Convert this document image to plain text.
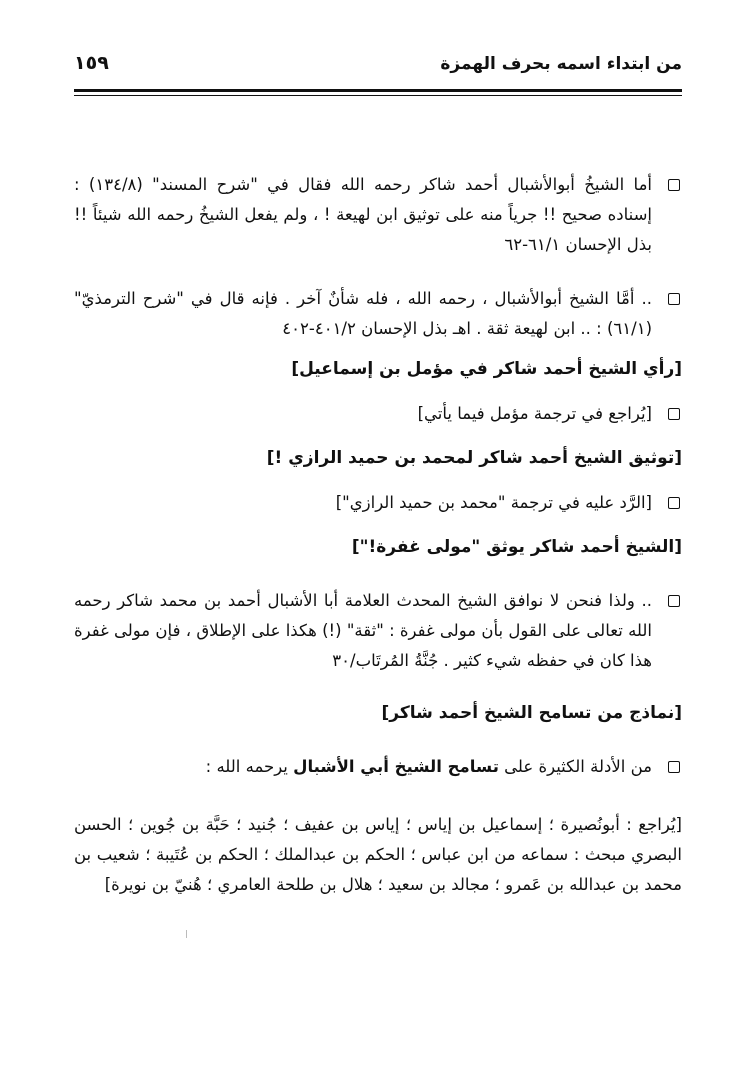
من ابتداء اسمه بحرف الهمزة
١٥٩
أما الشيخُ أبوالأشبال أحمد شاكر رحمه الله فقال في "شرح المسند" (١٣٤/٨) : إسناده صحيح !! جرياً منه على توثيق ابن لهيعة ! ، ولم يفعل الشيخُ رحمه الله شيئاً !! بذل الإحسان ٦١/١-٦٢
.. أمَّا الشيخ أبوالأشبال ، رحمه الله ، فله شأنٌ آخر . فإنه قال في "شرح الترمذيّ" (٦١/١) : .. ابن لهيعة ثقة . اهـ بذل الإحسان ٤٠١/٢-٤٠٢
[رأي الشيخ أحمد شاكر في مؤمل بن إسماعيل]
[يُراجع في ترجمة مؤمل فيما يأتي]
[توثيق الشيخ أحمد شاكر لمحمد بن حميد الرازي !]
[الرَّد عليه في ترجمة "محمد بن حميد الرازي"]
[الشيخ أحمد شاكر يوثق "مولى غفرة!"]
.. ولذا فنحن لا نوافق الشيخ المحدث العلامة أبا الأشبال أحمد بن محمد شاكر رحمه الله تعالى على القول بأن مولى غفرة : "ثقة" (!) هكذا على الإطلاق ، فإن مولى غفرة هذا كان في حفظه شيء كثير . جُنَّةُ المُرتَاب/٣٠
[نماذج من تسامح الشيخ أحمد شاكر]
من الأدلة الكثيرة على تسامح الشيخ أبي الأشبال يرحمه الله :
[يُراجع : أبونُصيرة ؛ إسماعيل بن إياس ؛ إياس بن عفيف ؛ جُنيد ؛ حَبَّة بن جُوين ؛ الحسن البصري مبحث : سماعه من ابن عباس ؛ الحكم بن عبدالملك ؛ الحكم بن عُتَيبة ؛ شعيب بن محمد بن عبدالله بن عَمرو ؛ مجالد بن سعيد ؛ هلال بن طلحة العامري ؛ هُنيّ بن نويرة]
